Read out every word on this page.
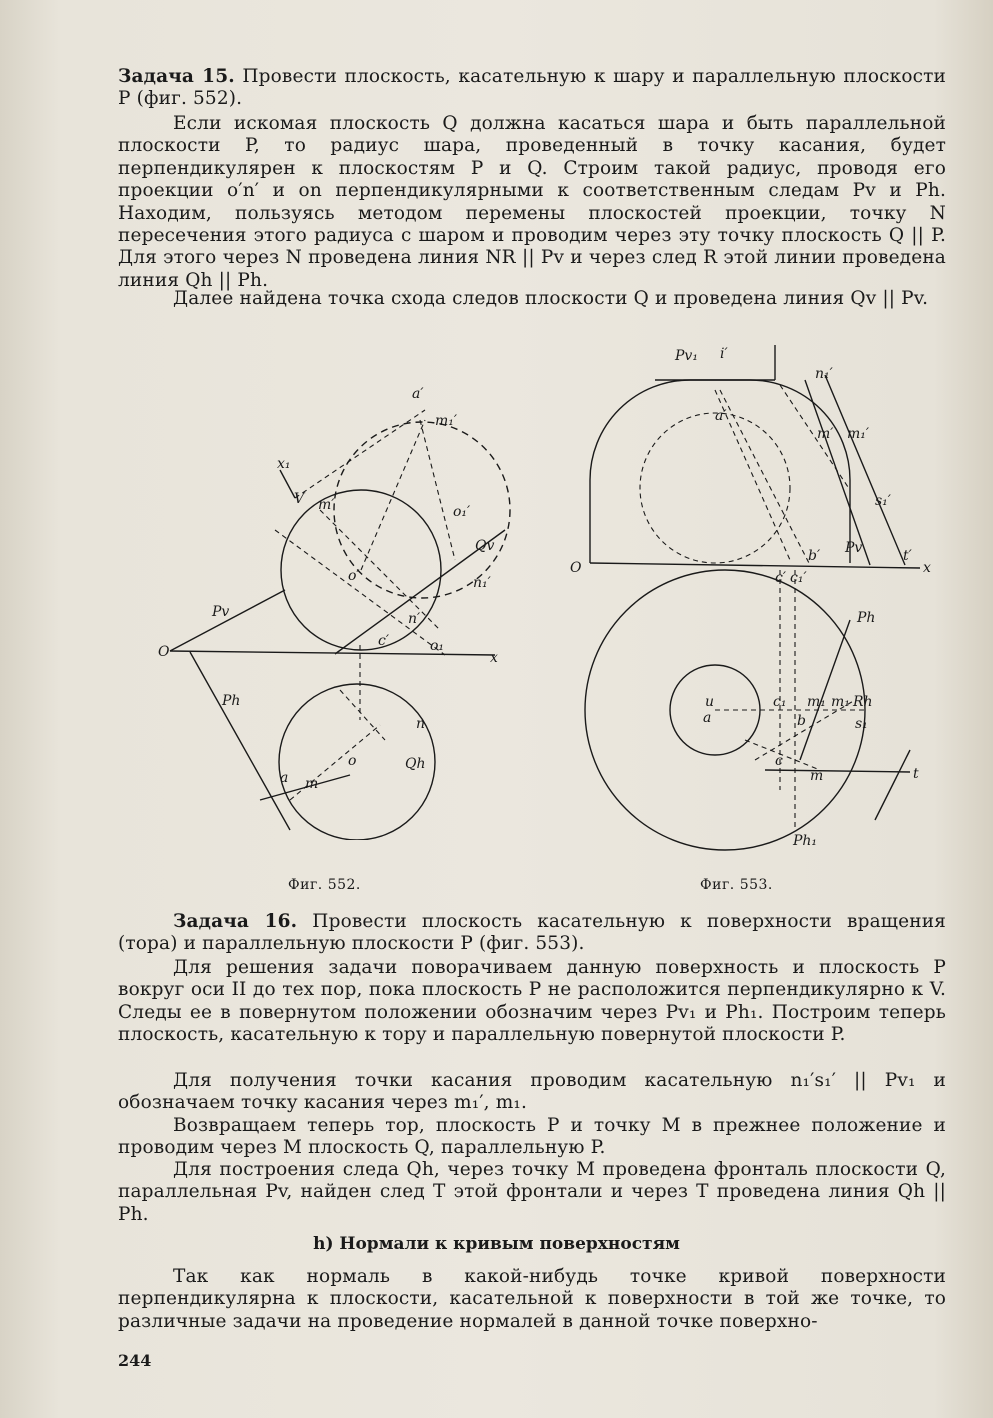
Задача 15. Провести плоскость, касательную к шару и параллельную плоскости P (фиг. 552).

Если искомая плоскость Q должна касаться шара и быть параллельной плоскости P, то радиус шара, проведенный в точку касания, будет перпендикулярен к плоскостям P и Q. Строим такой радиус, проводя его проекции o′n′ и on перпендикулярными к соответственным следам Pv и Ph. Находим, пользуясь методом перемены плоскостей проекции, точку N пересечения этого радиуса с шаром и проводим через эту точку плоскость Q || P. Для этого через N проведена линия NR || Pv и через след R этой линии проведена линия Qh || Ph.

Далее найдена точка схода следов плоскости Q и проведена линия Qv || Pv.

a′
m₁′
x₁
V m′	o₁′
Qv
o′	n₁′
Pv	n′
c′	o₁
O	x
Ph
n
o	Qh
a m
Pv₁ i′
n₁′
a′
m′ m₁′
s₁′
Pv
b′	t′
O
c′ c₁′
x
Ph
u
a
c₁ m₁ m₁ Rh
b	s₁
c
m	t
Ph₁
Фиг. 552.	Фиг. 553.

Задача 16. Провести плоскость касательную к поверхности вращения (тора) и параллельную плоскости P (фиг. 553).

Для решения задачи поворачиваем данную поверхность и плоскость P вокруг оси II до тех пор, пока плоскость P не расположится перпендикулярно к V. Следы ее в повернутом положении обозначим через Pv₁ и Ph₁. Построим теперь плоскость, касательную к тору и параллельную повернутой плоскости P.

Для получения точки касания проводим касательную n₁′s₁′ || Pv₁ и обозначаем точку касания через m₁′, m₁.

Возвращаем теперь тор, плоскость P и точку M в прежнее положение и проводим через M плоскость Q, параллельную P.

Для построения следа Qh, через точку M проведена фронталь плоскости Q, параллельная Pv, найден след T этой фронтали и через T проведена линия Qh || Ph.

h) Нормали к кривым поверхностям

Так как нормаль в какой-нибудь точке кривой поверхности перпендикулярна к плоскости, касательной к поверхности в той же точке, то различные задачи на проведение нормалей в данной точке поверхно-

244
